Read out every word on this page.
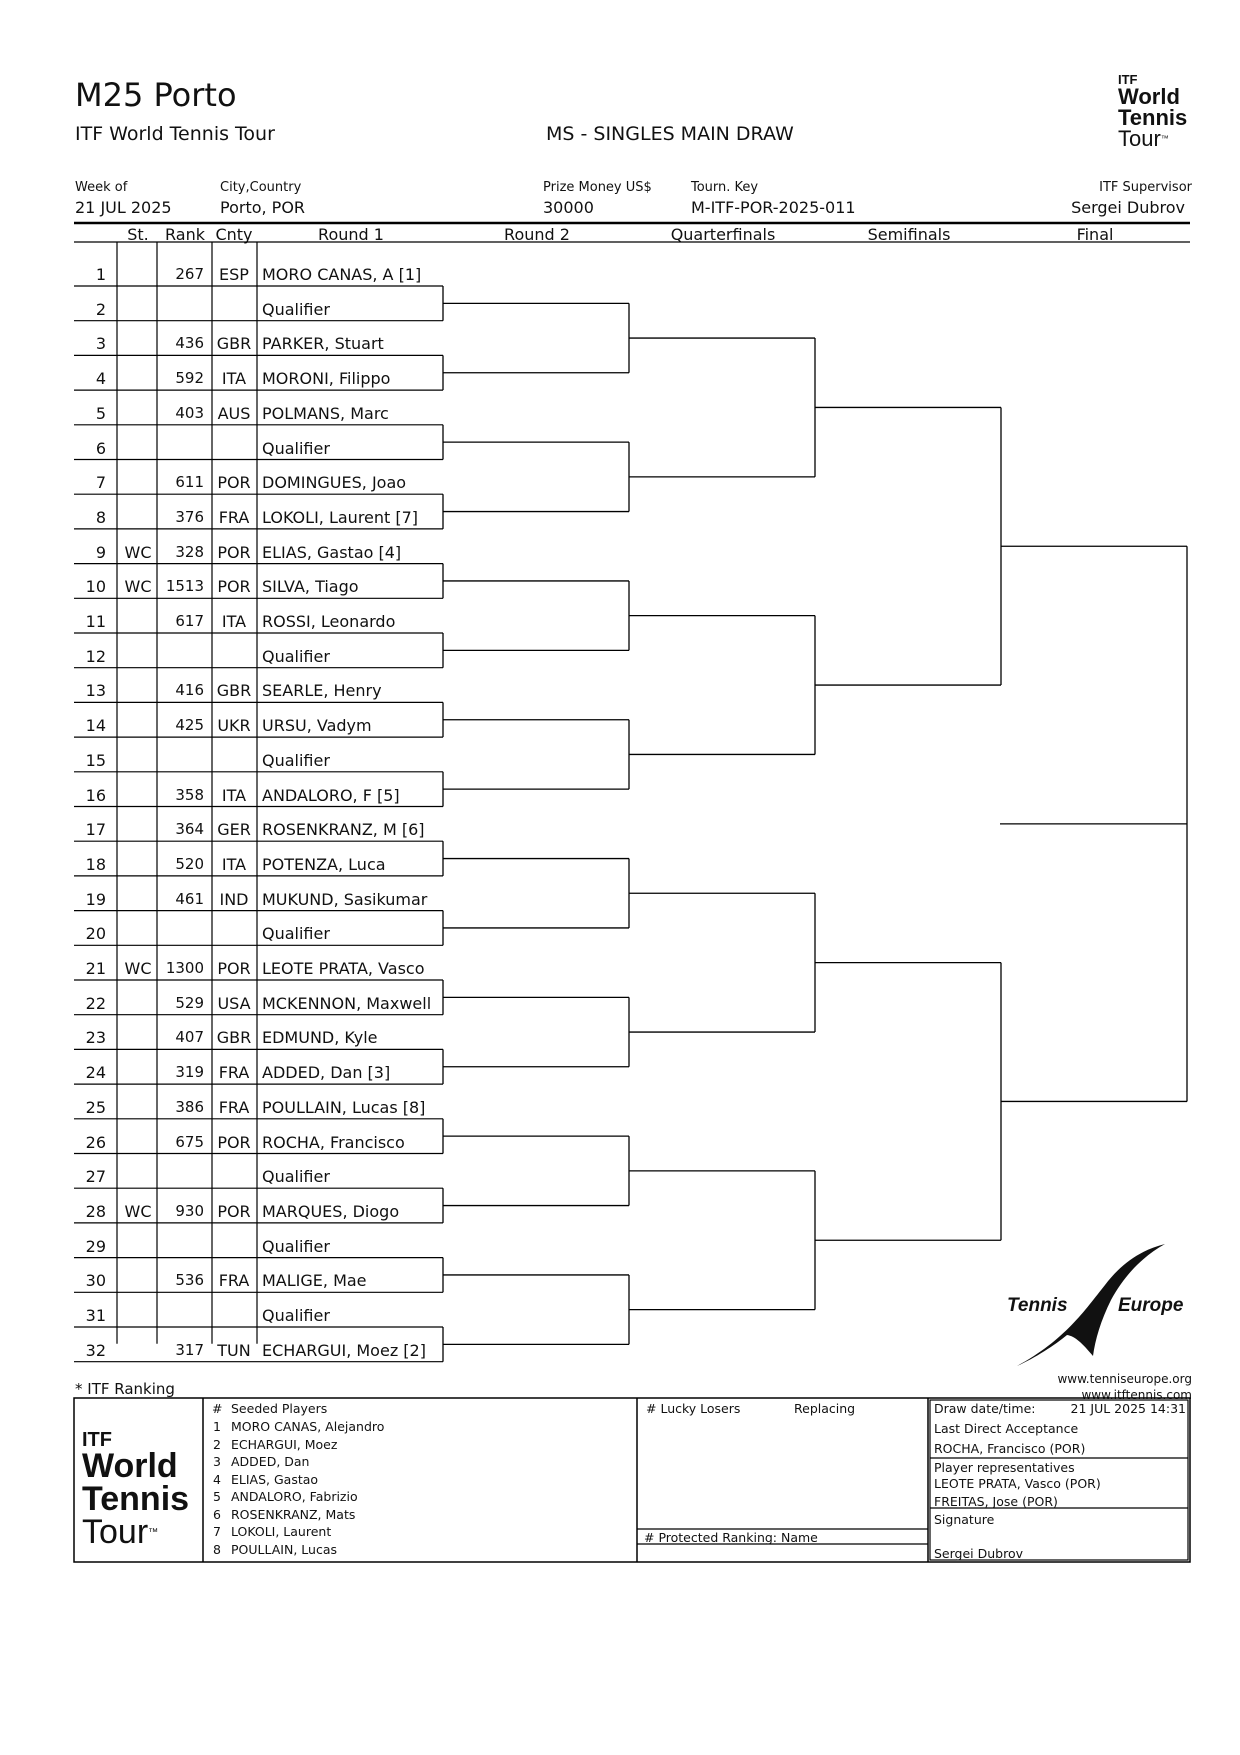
M25 Porto
ITF World Tennis Tour	MS - SINGLES MAIN DRAW
ITF
World
Tennis
Tour™
Week of
21 JUL 2025
City,Country
Porto, POR
Prize Money US$
30000
Tourn. Key
M-ITF-POR-2025-011
ITF Supervisor
Sergei Dubrov
St.	Rank Cnty	Round 1	Round 2	Quarterfinals	Semifinals	Final
1	267 ESP MORO CANAS, A [1]
2	Qualifier
3	436 GBR PARKER, Stuart
4	592	ITA MORONI, Filippo
5	403 AUS POLMANS, Marc
6	Qualifier
7	611 POR DOMINGUES, Joao
8	376 FRA LOKOLI, Laurent [7]
9	WC	328 POR ELIAS, Gastao [4]
10	WC 1513 POR SILVA, Tiago
11	617	ITA ROSSI, Leonardo
12	Qualifier
13	416 GBR SEARLE, Henry
14	425 UKR URSU, Vadym
15	Qualifier
16	358	ITA ANDALORO, F [5]
17	364 GER ROSENKRANZ, M [6]
18	520	ITA POTENZA, Luca
19	461 IND MUKUND, Sasikumar
20	Qualifier
21	WC 1300 POR LEOTE PRATA, Vasco
22	529 USA MCKENNON, Maxwell
23	407 GBR EDMUND, Kyle
24	319 FRA ADDED, Dan [3]
25	386 FRA POULLAIN, Lucas [8]
26	675 POR ROCHA, Francisco
27	Qualifier
28	WC	930 POR MARQUES, Diogo
29	Qualifier
30	536 FRA MALIGE, Mae
31	Qualifier
32	317 TUN ECHARGUI, Moez [2]
Tennis	Europe
www.tenniseurope.org
www.itftennis.com
* ITF Ranking
ITF
World
Tennis
Tour™
# Seeded Players
1 MORO CANAS, Alejandro
2 ECHARGUI, Moez
3 ADDED, Dan
4 ELIAS, Gastao
5 ANDALORO, Fabrizio
6 ROSENKRANZ, Mats
7 LOKOLI, Laurent
8 POULLAIN, Lucas
# Lucky Losers	Replacing
# Protected Ranking: Name
Draw date/time:	21 JUL 2025 14:31
Last Direct Acceptance
ROCHA, Francisco (POR)
Player representatives
LEOTE PRATA, Vasco (POR)
FREITAS, Jose (POR)
Signature
Sergei Dubrov
